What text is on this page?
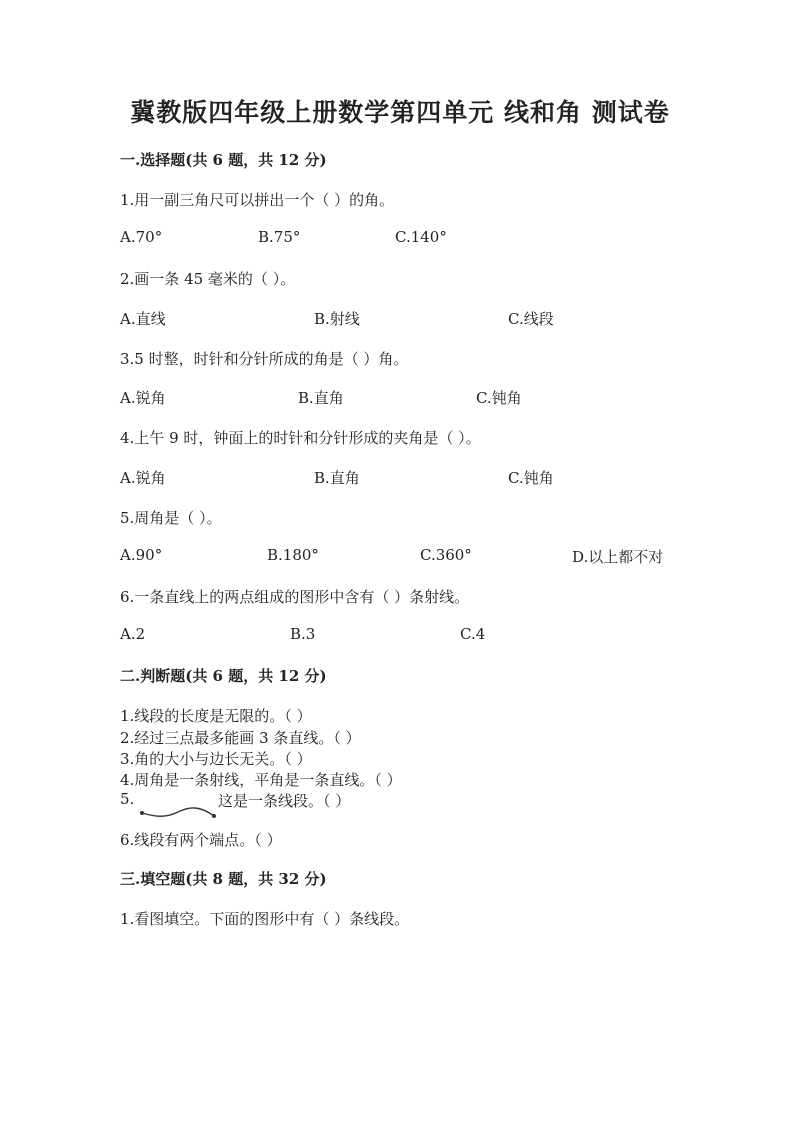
冀教版四年级上册数学第四单元 线和角 测试卷
一.选择题(共 6 题，共 12 分)
1.用一副三角尺可以拼出一个（ ）的角。
A.70°	B.75°	C.140°
2.画一条 45 毫米的（ ）。
A.直线	B.射线	C.线段
3.5 时整，时针和分针所成的角是（ ）角。
A.锐角	B.直角	C.钝角
4.上午 9 时，钟面上的时针和分针形成的夹角是（ ）。
A.锐角	B.直角	C.钝角
5.周角是（ ）。
A.90°	B.180°	C.360°	D.以上都不对
6.一条直线上的两点组成的图形中含有（ ）条射线。
A.2	B.3	C.4
二.判断题(共 6 题，共 12 分)
1.线段的长度是无限的。（ ）
2.经过三点最多能画 3 条直线。（ ）
3.角的大小与边长无关。（ ）
4.周角是一条射线，平角是一条直线。（ ）
5.	这是一条线段。（ ）
6.线段有两个端点。（ ）
三.填空题(共 8 题，共 32 分)
1.看图填空。下面的图形中有（ ）条线段。
